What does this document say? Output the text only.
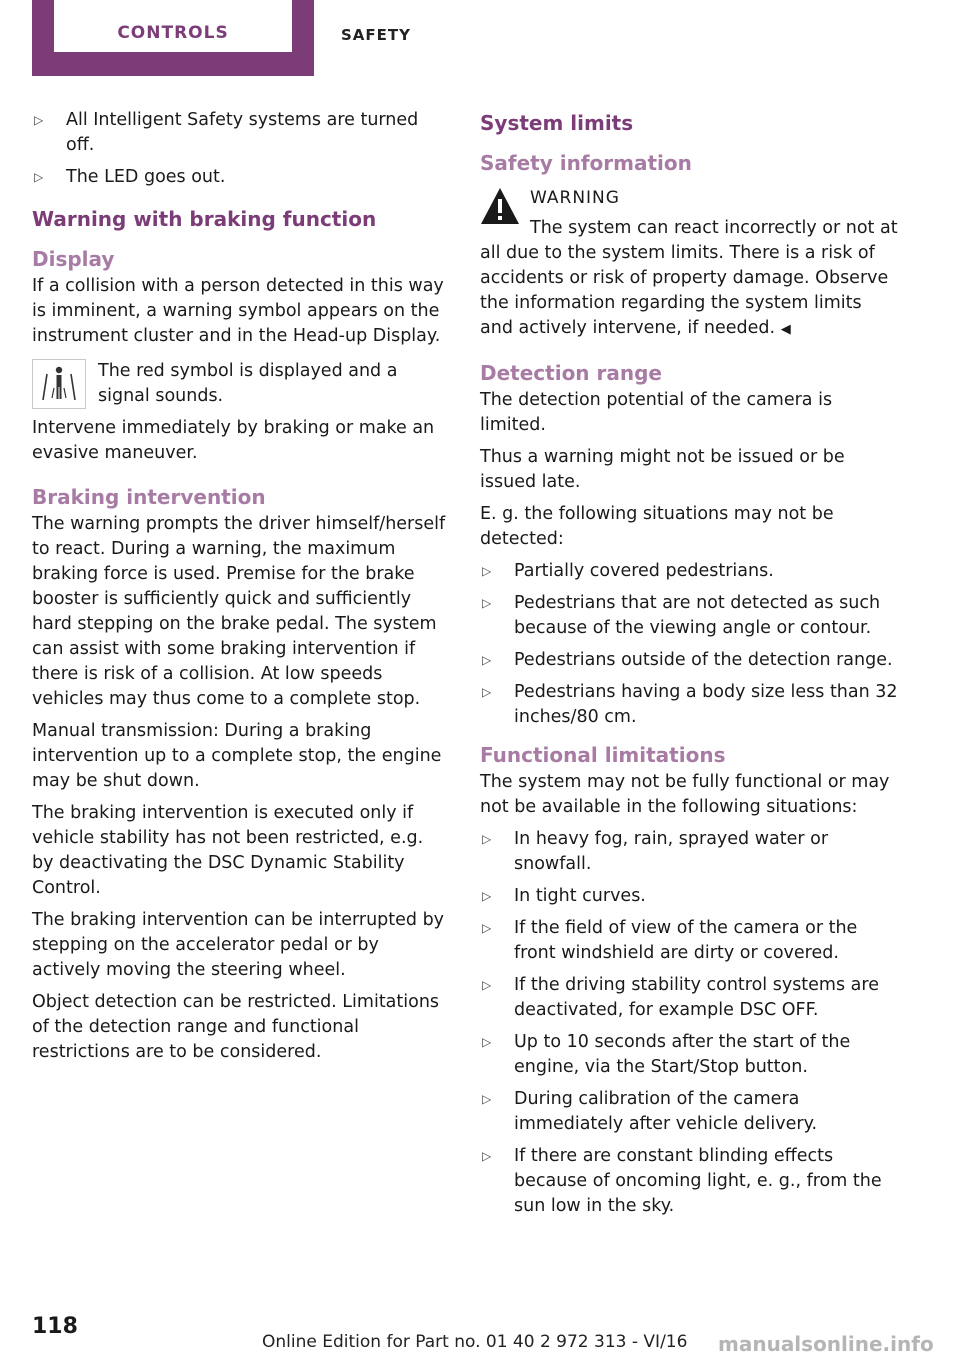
CONTROLS	SAFETY
▷ All Intelligent Safety systems are turned off.
▷ The LED goes out.
Warning with braking function
Display

If a collision with a person detected in this way is imminent, a warning symbol appears on the instrument cluster and in the Head-up Display.

The red symbol is displayed and a signal sounds.

Intervene immediately by braking or make an evasive maneuver.

Braking intervention

The warning prompts the driver himself/herself to react. During a warning, the maximum braking force is used. Premise for the brake booster is sufficiently quick and sufficiently hard stepping on the brake pedal. The system can assist with some braking intervention if there is risk of a collision. At low speeds vehicles may thus come to a complete stop.

Manual transmission: During a braking intervention up to a complete stop, the engine may be shut down.

The braking intervention is executed only if vehicle stability has not been restricted, e.g. by deactivating the DSC Dynamic Stability Control.

The braking intervention can be interrupted by stepping on the accelerator pedal or by actively moving the steering wheel.

Object detection can be restricted. Limitations of the detection range and functional restrictions are to be considered.

System limits
Safety information
WARNING

The system can react incorrectly or not at all due to the system limits. There is a risk of accidents or risk of property damage. Observe the information regarding the system limits and actively intervene, if needed. ◀

Detection range

The detection potential of the camera is limited.

Thus a warning might not be issued or be issued late.

E. g. the following situations may not be detected:

▷ Partially covered pedestrians.
▷ Pedestrians that are not detected as such because of the viewing angle or contour.
▷ Pedestrians outside of the detection range.
▷ Pedestrians having a body size less than 32 inches/80 cm.
Functional limitations

The system may not be fully functional or may not be available in the following situations:

▷ In heavy fog, rain, sprayed water or snowfall.
▷ In tight curves.
▷ If the field of view of the camera or the front windshield are dirty or covered.
▷ If the driving stability control systems are deactivated, for example DSC OFF.
▷ Up to 10 seconds after the start of the engine, via the Start/Stop button.
▷ During calibration of the camera immediately after vehicle delivery.
▷ If there are constant blinding effects because of oncoming light, e. g., from the sun low in the sky.
118
Online Edition for Part no. 01 40 2 972 313 - VI/16 manualsonline.info
